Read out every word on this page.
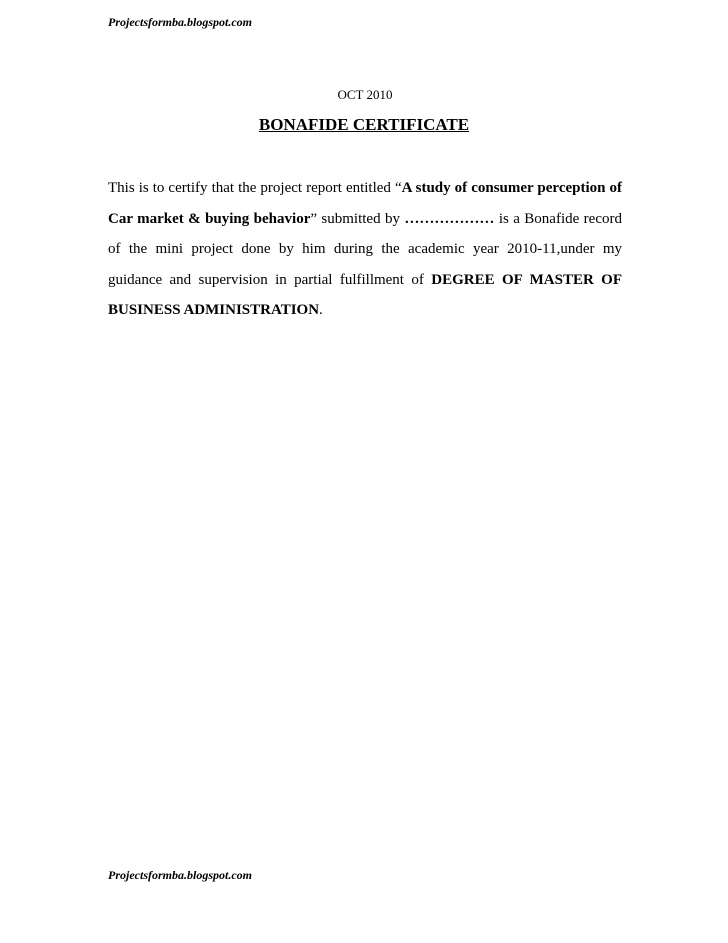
Projectsformba.blogspot.com
OCT 2010
BONAFIDE CERTIFICATE
This is to certify that the project report entitled “A study of consumer perception of Car market & buying behavior” submitted by ……………… is a Bonafide record of the mini project done by him during the academic year 2010-11,under my guidance and supervision in partial fulfillment of DEGREE OF MASTER OF BUSINESS ADMINISTRATION.
Projectsformba.blogspot.com
